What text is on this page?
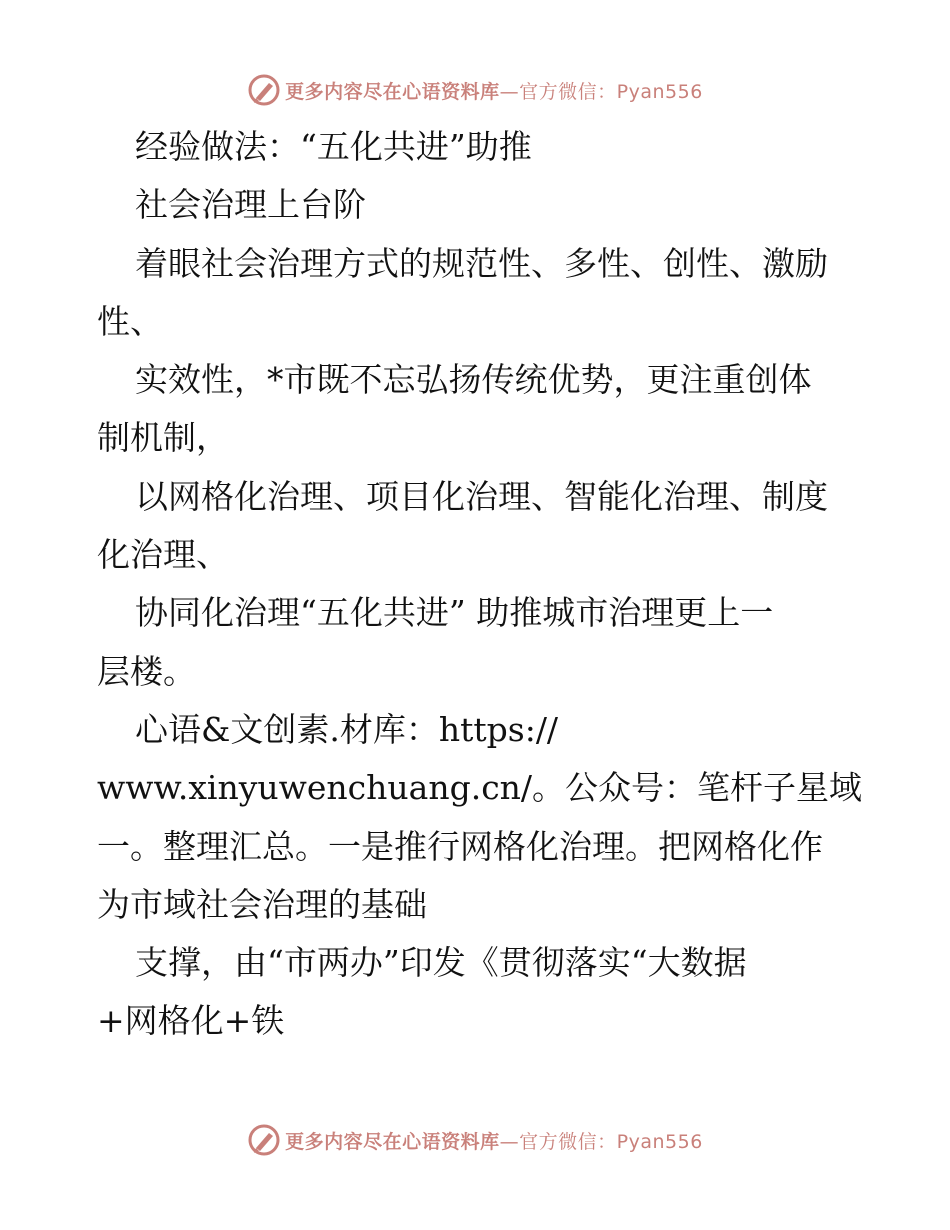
更多内容尽在心语资料库—官方微信：Pyan556
经验做法：“五化共进”助推
社会治理上台阶
着眼社会治理方式的规范性、多性、创性、激励
性、
实效性，*市既不忘弘扬传统优势，更注重创体
制机制，
以网格化治理、项目化治理、智能化治理、制度
化治理、
协同化治理“五化共进” 助推城市治理更上一
层楼。
心语&文创素.材库：https://
www.xinyuwenchuang.cn/。公众号：笔杆子星域
一。整理汇总。一是推行网格化治理。把网格化作
为市域社会治理的基础
支撑，由“市两办”印发《贯彻落实“大数据
+网格化+铁
更多内容尽在心语资料库—官方微信：Pyan556
